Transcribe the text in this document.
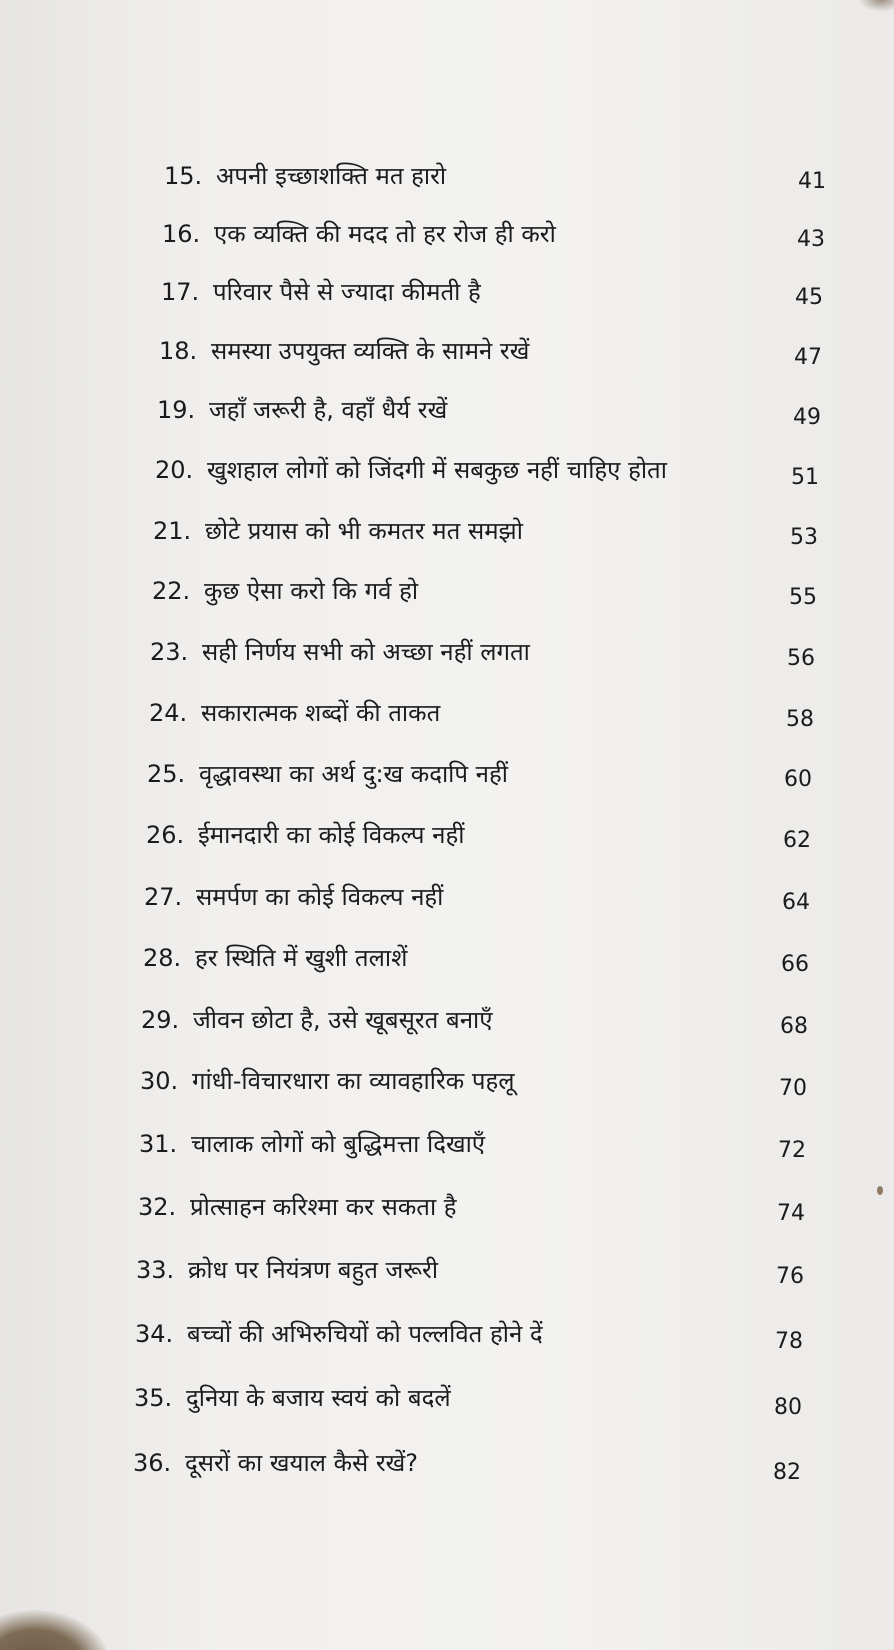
15. अपनी इच्छाशक्ति मत हारो	41
16. एक व्यक्ति की मदद तो हर रोज ही करो	43
17. परिवार पैसे से ज्यादा कीमती है	45
18. समस्या उपयुक्त व्यक्ति के सामने रखें	47
19. जहाँ जरूरी है, वहाँ धैर्य रखें	49
20. खुशहाल लोगों को जिंदगी में सबकुछ नहीं चाहिए होता	51
21. छोटे प्रयास को भी कमतर मत समझो	53
22. कुछ ऐसा करो कि गर्व हो	55
23. सही निर्णय सभी को अच्छा नहीं लगता	56
24. सकारात्मक शब्दों की ताकत	58
25. वृद्धावस्था का अर्थ दु:ख कदापि नहीं	60
26. ईमानदारी का कोई विकल्प नहीं	62
27. समर्पण का कोई विकल्प नहीं	64
28. हर स्थिति में खुशी तलाशें	66
29. जीवन छोटा है, उसे खूबसूरत बनाएँ	68
30. गांधी-विचारधारा का व्यावहारिक पहलू	70
31. चालाक लोगों को बुद्धिमत्ता दिखाएँ	72
32. प्रोत्साहन करिश्मा कर सकता है	74
33. क्रोध पर नियंत्रण बहुत जरूरी	76
34. बच्चों की अभिरुचियों को पल्लवित होने दें	78
35. दुनिया के बजाय स्वयं को बदलें	80
36. दूसरों का खयाल कैसे रखें?	82
